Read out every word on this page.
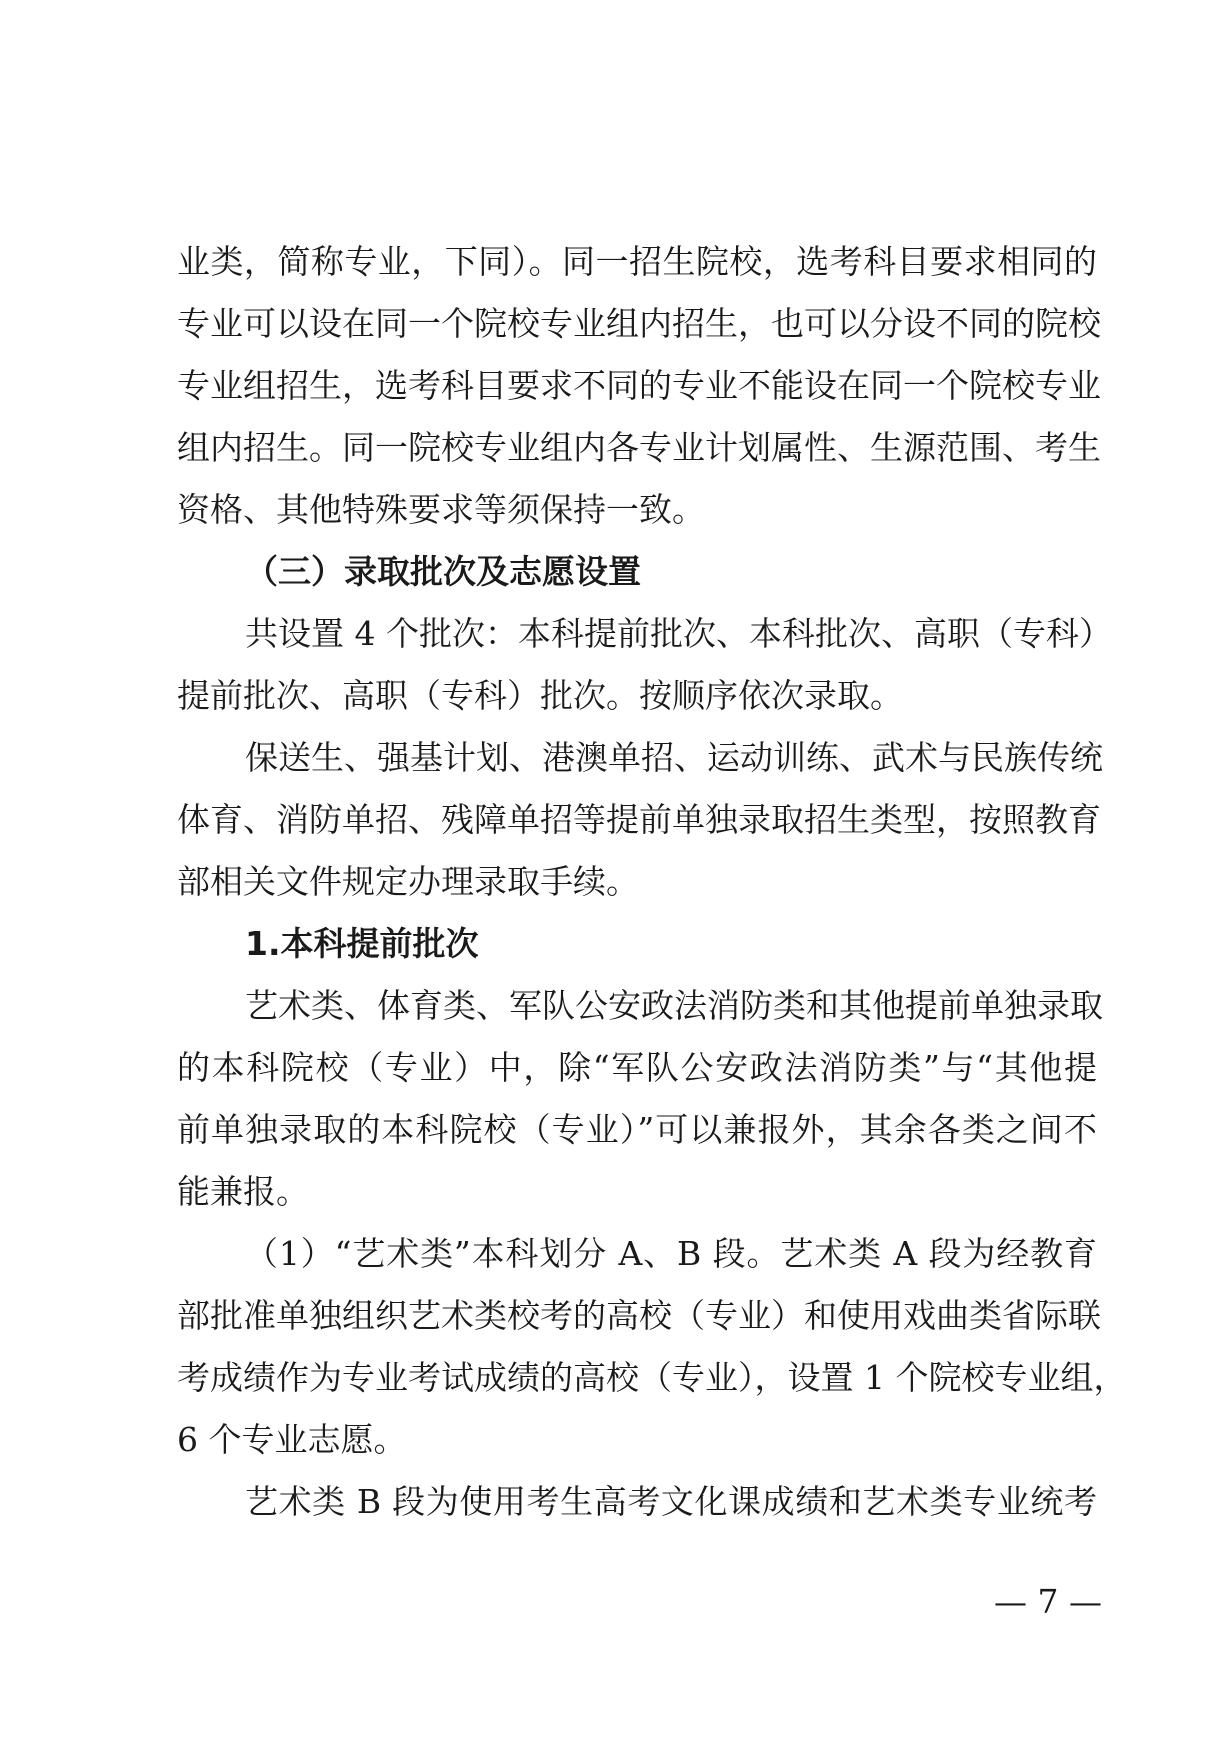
业类，简称专业，下同）。同一招生院校，选考科目要求相同的
专业可以设在同一个院校专业组内招生，也可以分设不同的院校
专业组招生，选考科目要求不同的专业不能设在同一个院校专业
组内招生。同一院校专业组内各专业计划属性、生源范围、考生
资格、其他特殊要求等须保持一致。
（三）录取批次及志愿设置
共设置 4 个批次：本科提前批次、本科批次、高职（专科）
提前批次、高职（专科）批次。按顺序依次录取。
保送生、强基计划、港澳单招、运动训练、武术与民族传统
体育、消防单招、残障单招等提前单独录取招生类型，按照教育
部相关文件规定办理录取手续。
1.本科提前批次
艺术类、体育类、军队公安政法消防类和其他提前单独录取
的本科院校（专业）中，除“军队公安政法消防类”与“其他提
前单独录取的本科院校（专业）”可以兼报外，其余各类之间不
能兼报。
（1）“艺术类”本科划分 A、B 段。艺术类 A 段为经教育
部批准单独组织艺术类校考的高校（专业）和使用戏曲类省际联
考成绩作为专业考试成绩的高校（专业），设置 1 个院校专业组，
6 个专业志愿。
艺术类 B 段为使用考生高考文化课成绩和艺术类专业统考
— 7 —
